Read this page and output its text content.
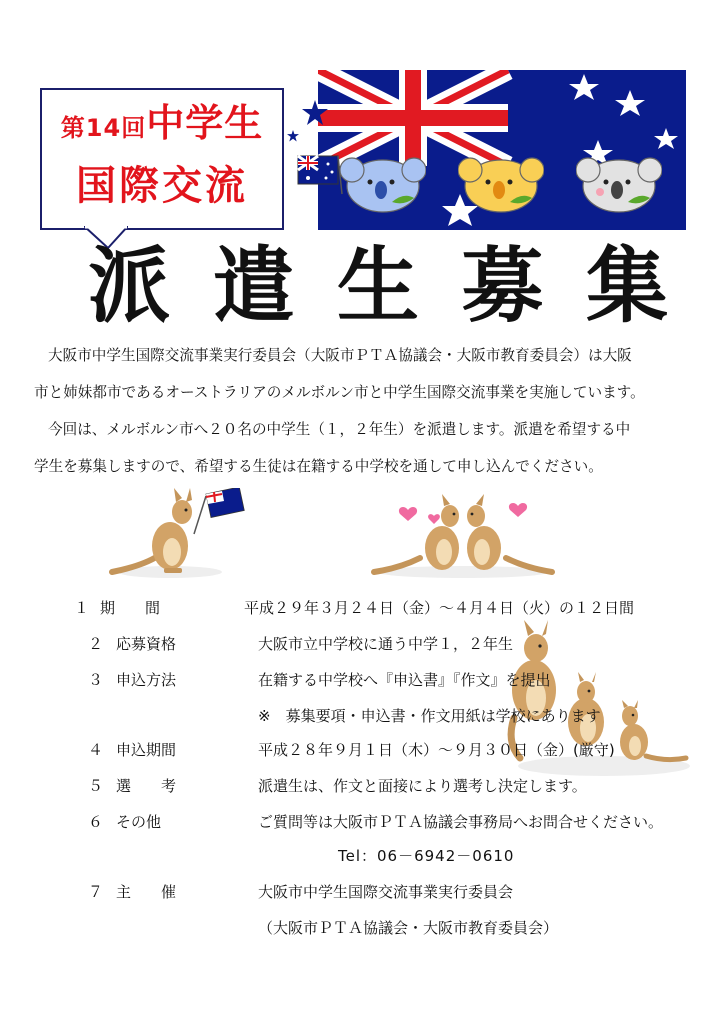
第14回中学生
国際交流
派 遣 生 募 集
大阪市中学生国際交流事業実行委員会（大阪市ＰＴＡ協議会・大阪市教育委員会）は大阪
市と姉妹都市であるオーストラリアのメルボルン市と中学生国際交流事業を実施しています。
今回は、メルボルン市へ２０名の中学生（１，２年生）を派遣します。派遣を希望する中
学生を募集しますので、希望する生徒は在籍する中学校を通して申し込んでください。
１ 期　　間	平成２９年３月２４日（金）～４月４日（火）の１２日間
２ 応募資格	大阪市立中学校に通う中学１，２年生
３ 申込方法	在籍する中学校へ『申込書』『作文』を提出
※　募集要項・申込書・作文用紙は学校にあります
４ 申込期間	平成２８年９月１日（木）～９月３０日（金）(厳守)
５ 選　　考	派遣生は、作文と面接により選考し決定します。
６ その他	ご質問等は大阪市ＰＴＡ協議会事務局へお問合せください。
Tel：06－6942－0610
７ 主　　催	大阪市中学生国際交流事業実行委員会
（大阪市ＰＴＡ協議会・大阪市教育委員会）
